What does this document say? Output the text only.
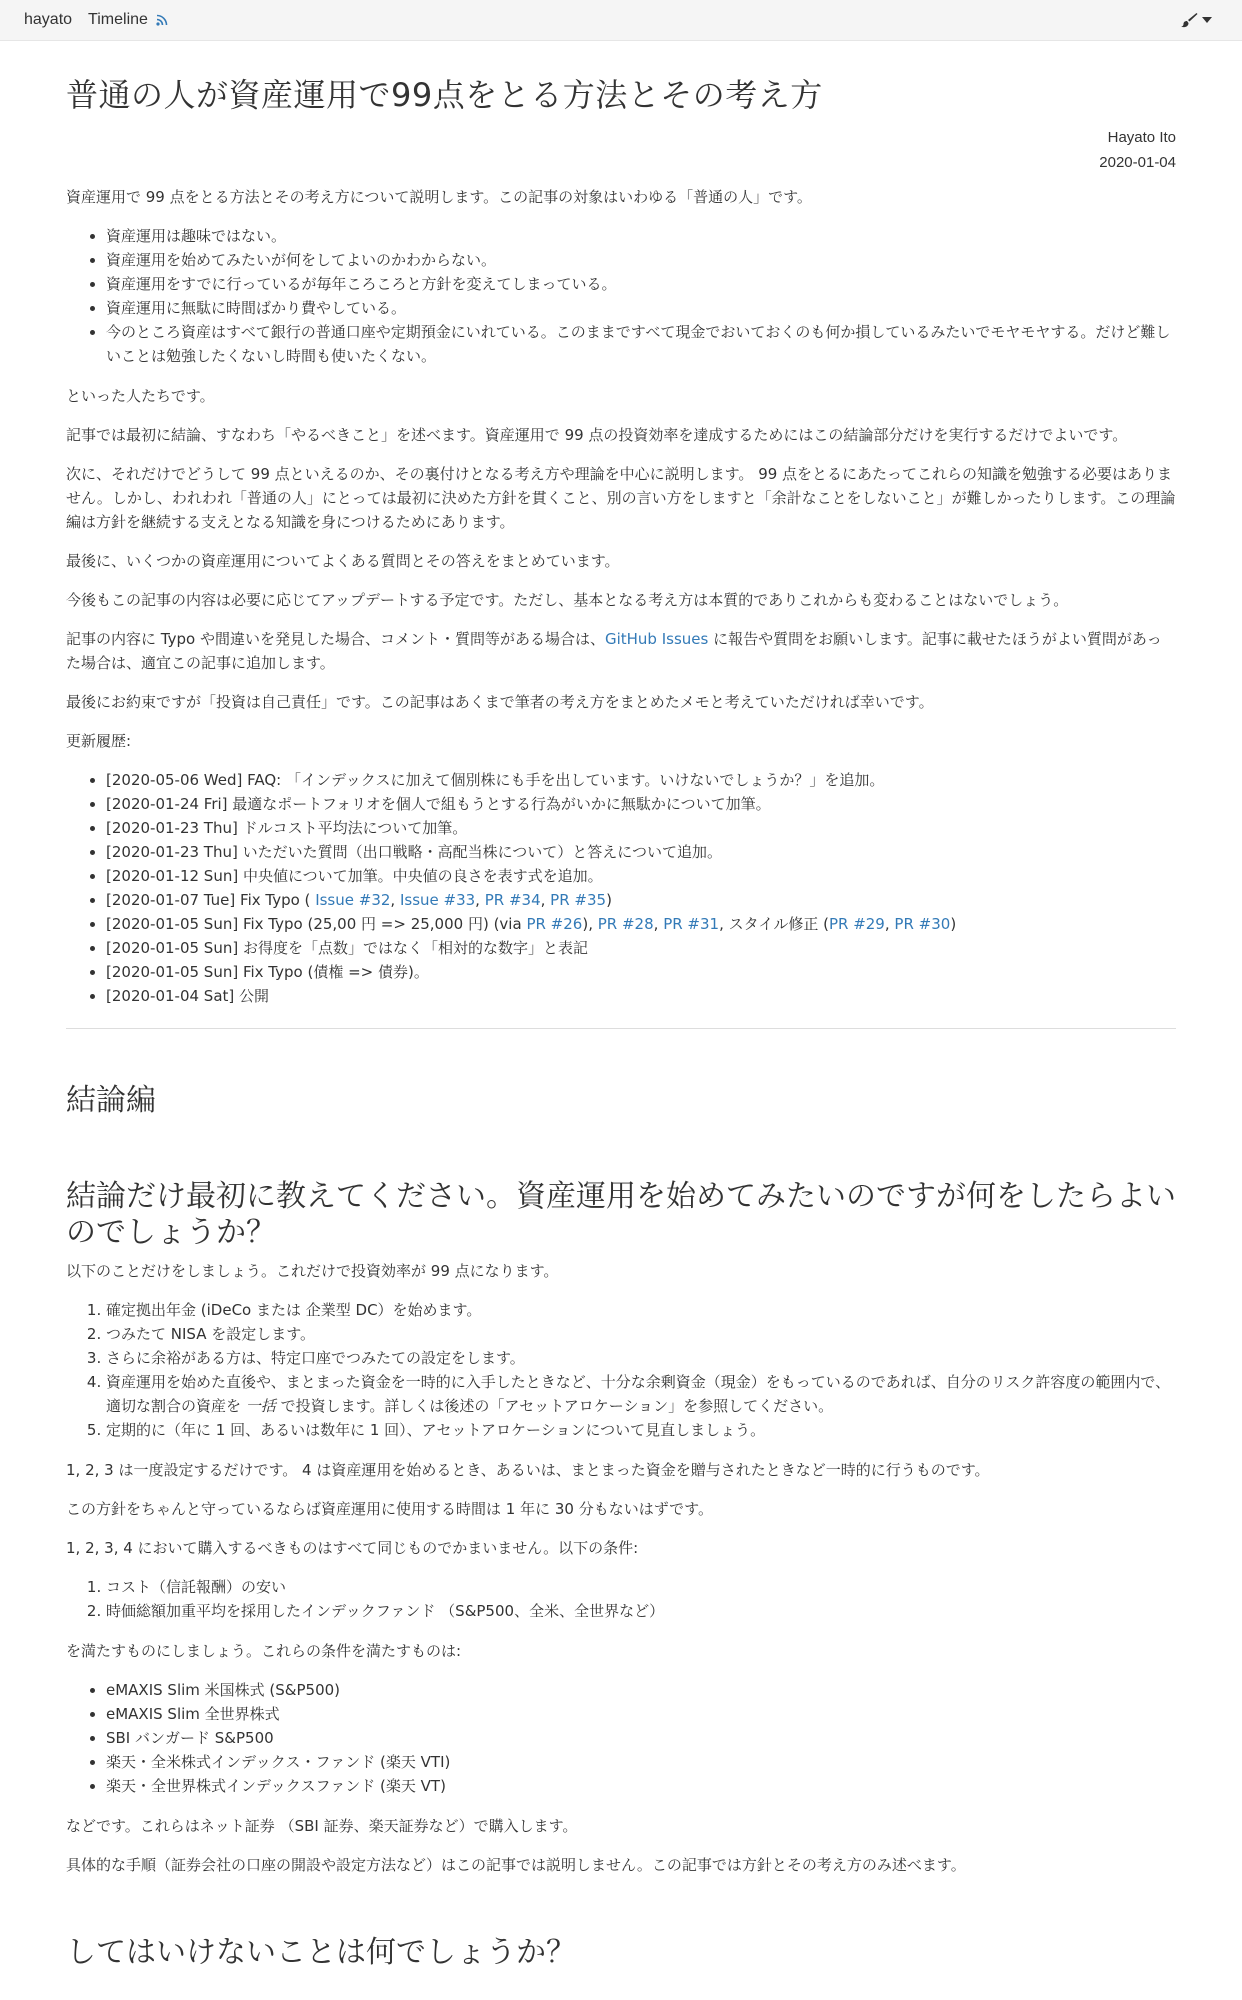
hayato Timeline
普通の人が資産運用で99点をとる方法とその考え方
Hayato Ito
2020-01-04

資産運用で 99 点をとる方法とその考え方について説明します。この記事の対象はいわゆる「普通の人」です。

• 資産運用は趣味ではない。
• 資産運用を始めてみたいが何をしてよいのかわからない。
• 資産運用をすでに行っているが毎年ころころと方針を変えてしまっている。
• 資産運用に無駄に時間ばかり費やしている。
• 今のところ資産はすべて銀行の普通口座や定期預金にいれている。このままですべて現金でおいておくのも何か損しているみたいでモヤモヤする。だけど難しいことは勉強したくないし時間も使いたくない。

といった人たちです。

記事では最初に結論、すなわち「やるべきこと」を述べます。資産運用で 99 点の投資効率を達成するためにはこの結論部分だけを実行するだけでよいです。

次に、それだけでどうして 99 点といえるのか、その裏付けとなる考え方や理論を中心に説明します。 99 点をとるにあたってこれらの知識を勉強する必要はありません。しかし、われわれ「普通の人」にとっては最初に決めた方針を貫くこと、別の言い方をしますと「余計なことをしないこと」が難しかったりします。この理論編は方針を継続する支えとなる知識を身につけるためにあります。

最後に、いくつかの資産運用についてよくある質問とその答えをまとめています。

今後もこの記事の内容は必要に応じてアップデートする予定です。ただし、基本となる考え方は本質的でありこれからも変わることはないでしょう。

記事の内容に Typo や間違いを発見した場合、コメント・質問等がある場合は、GitHub Issues に報告や質問をお願いします。記事に載せたほうがよい質問があった場合は、適宜この記事に追加します。

最後にお約束ですが「投資は自己責任」です。この記事はあくまで筆者の考え方をまとめたメモと考えていただければ幸いです。

更新履歴:

• [2020-05-06 Wed] FAQ: 「インデックスに加えて個別株にも手を出しています。いけないでしょうか？」を追加。
• [2020-01-24 Fri] 最適なポートフォリオを個人で組もうとする行為がいかに無駄かについて加筆。
• [2020-01-23 Thu] ドルコスト平均法について加筆。
• [2020-01-23 Thu] いただいた質問（出口戦略・高配当株について）と答えについて追加。
• [2020-01-12 Sun] 中央値について加筆。中央値の良さを表す式を追加。
• [2020-01-07 Tue] Fix Typo ( Issue #32, Issue #33, PR #34, PR #35)
• [2020-01-05 Sun] Fix Typo (25,00 円 => 25,000 円) (via PR #26), PR #28, PR #31, スタイル修正 (PR #29, PR #30)
• [2020-01-05 Sun] お得度を「点数」ではなく「相対的な数字」と表記
• [2020-01-05 Sun] Fix Typo (債権 => 債券)。
• [2020-01-04 Sat] 公開
結論編
結論だけ最初に教えてください。資産運用を始めてみたいのですが何をしたらよいのでしょうか？

以下のことだけをしましょう。これだけで投資効率が 99 点になります。

1. 確定拠出年金 (iDeCo または 企業型 DC）を始めます。
2. つみたて NISA を設定します。
3. さらに余裕がある方は、特定口座でつみたての設定をします。
4. 資産運用を始めた直後や、まとまった資金を一時的に入手したときなど、十分な余剰資金（現金）をもっているのであれば、自分のリスク許容度の範囲内で、適切な割合の資産を 一括 で投資します。詳しくは後述の「アセットアロケーション」を参照してください。
5. 定期的に（年に 1 回、あるいは数年に 1 回）、アセットアロケーションについて見直しましょう。

1, 2, 3 は一度設定するだけです。 4 は資産運用を始めるとき、あるいは、まとまった資金を贈与されたときなど一時的に行うものです。

この方針をちゃんと守っているならば資産運用に使用する時間は 1 年に 30 分もないはずです。

1, 2, 3, 4 において購入するべきものはすべて同じものでかまいません。以下の条件:

1. コスト（信託報酬）の安い
2. 時価総額加重平均を採用したインデックファンド （S&P500、全米、全世界など）

を満たすものにしましょう。これらの条件を満たすものは:

• eMAXIS Slim 米国株式 (S&P500)
• eMAXIS Slim 全世界株式
• SBI バンガード S&P500
• 楽天・全米株式インデックス・ファンド (楽天 VTI)
• 楽天・全世界株式インデックスファンド (楽天 VT)

などです。これらはネット証券 （SBI 証券、楽天証券など）で購入します。

具体的な手順（証券会社の口座の開設や設定方法など）はこの記事では説明しません。この記事では方針とその考え方のみ述べます。

してはいけないことは何でしょうか？
